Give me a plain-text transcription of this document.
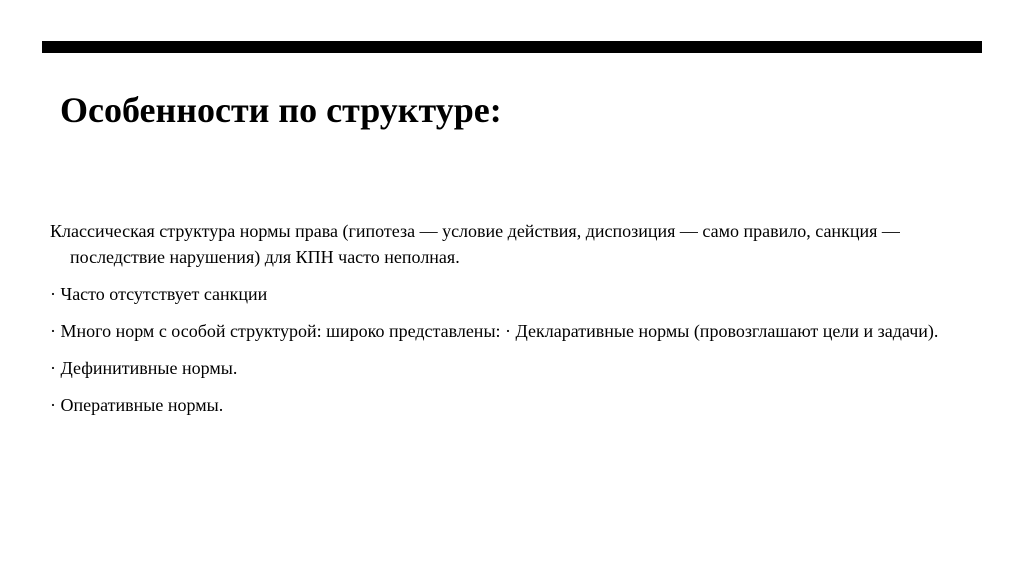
Особенности по структуре:
Классическая структура нормы права (гипотеза — условие действия, диспозиция — само правило, санкция — последствие нарушения) для КПН часто неполная.
· Часто отсутствует санкции
· Много норм с особой структурой: широко представлены: · Декларативные нормы (провозглашают цели и задачи).
· Дефинитивные нормы.
· Оперативные нормы.
